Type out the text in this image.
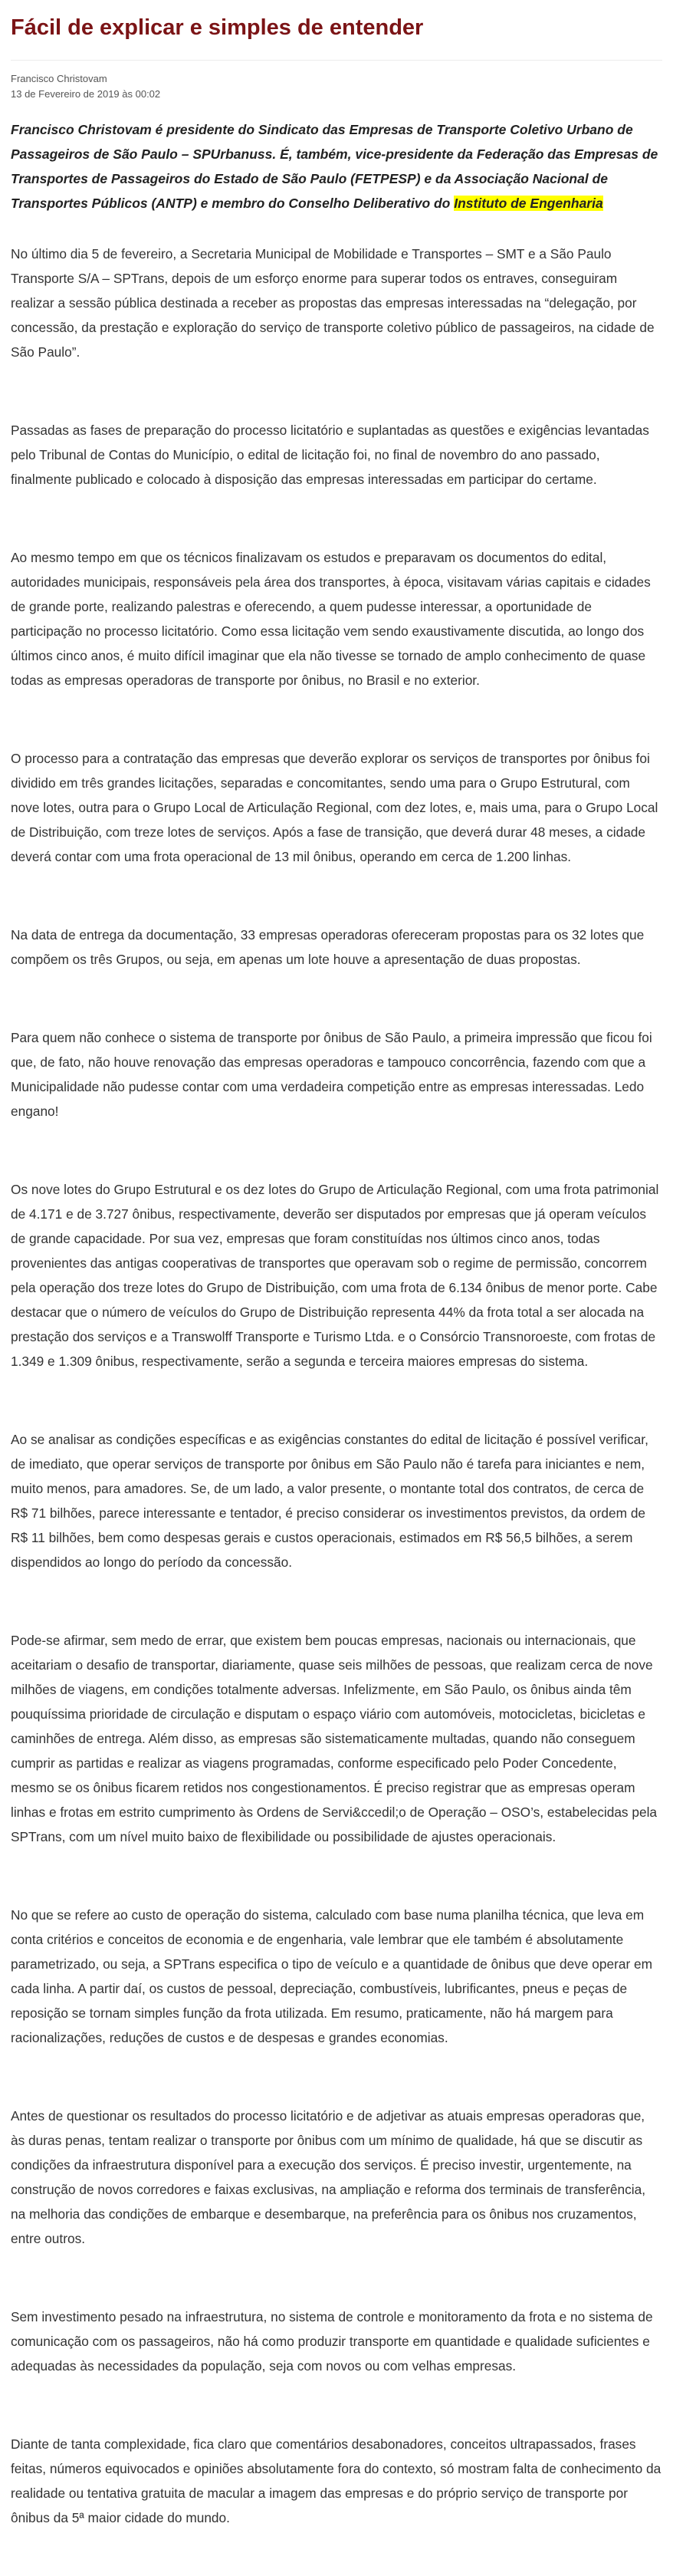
Fácil de explicar e simples de entender
Francisco Christovam
13 de Fevereiro de 2019 às 00:02

Francisco Christovam é presidente do Sindicato das Empresas de Transporte Coletivo Urbano de Passageiros de São Paulo – SPUrbanuss. É, também, vice-presidente da Federação das Empresas de Transportes de Passageiros do Estado de São Paulo (FETPESP) e da Associação Nacional de Transportes Públicos (ANTP) e membro do Conselho Deliberativo do Instituto de Engenharia

No último dia 5 de fevereiro, a Secretaria Municipal de Mobilidade e Transportes – SMT e a São Paulo Transporte S/A – SPTrans, depois de um esforço enorme para superar todos os entraves, conseguiram realizar a sessão pública destinada a receber as propostas das empresas interessadas na “delegação, por concessão, da prestação e exploração do serviço de transporte coletivo público de passageiros, na cidade de São Paulo”.

Passadas as fases de preparação do processo licitatório e suplantadas as questões e exigências levantadas pelo Tribunal de Contas do Município, o edital de licitação foi, no final de novembro do ano passado, finalmente publicado e colocado à disposição das empresas interessadas em participar do certame.

Ao mesmo tempo em que os técnicos finalizavam os estudos e preparavam os documentos do edital, autoridades municipais, responsáveis pela área dos transportes, à época, visitavam várias capitais e cidades de grande porte, realizando palestras e oferecendo, a quem pudesse interessar, a oportunidade de participação no processo licitatório. Como essa licitação vem sendo exaustivamente discutida, ao longo dos últimos cinco anos, é muito difícil imaginar que ela não tivesse se tornado de amplo conhecimento de quase todas as empresas operadoras de transporte por ônibus, no Brasil e no exterior.

O processo para a contratação das empresas que deverão explorar os serviços de transportes por ônibus foi dividido em três grandes licitações, separadas e concomitantes, sendo uma para o Grupo Estrutural, com nove lotes, outra para o Grupo Local de Articulação Regional, com dez lotes, e, mais uma, para o Grupo Local de Distribuição, com treze lotes de serviços. Após a fase de transição, que deverá durar 48 meses, a cidade deverá contar com uma frota operacional de 13 mil ônibus, operando em cerca de 1.200 linhas.

Na data de entrega da documentação, 33 empresas operadoras ofereceram propostas para os 32 lotes que compõem os três Grupos, ou seja, em apenas um lote houve a apresentação de duas propostas.

Para quem não conhece o sistema de transporte por ônibus de São Paulo, a primeira impressão que ficou foi que, de fato, não houve renovação das empresas operadoras e tampouco concorrência, fazendo com que a Municipalidade não pudesse contar com uma verdadeira competição entre as empresas interessadas. Ledo engano!

Os nove lotes do Grupo Estrutural e os dez lotes do Grupo de Articulação Regional, com uma frota patrimonial de 4.171 e de 3.727 ônibus, respectivamente, deverão ser disputados por empresas que já operam veículos de grande capacidade. Por sua vez, empresas que foram constituídas nos últimos cinco anos, todas provenientes das antigas cooperativas de transportes que operavam sob o regime de permissão, concorrem pela operação dos treze lotes do Grupo de Distribuição, com uma frota de 6.134 ônibus de menor porte. Cabe destacar que o número de veículos do Grupo de Distribuição representa 44% da frota total a ser alocada na prestação dos serviços e a Transwolff Transporte e Turismo Ltda. e o Consórcio Transnoroeste, com frotas de 1.349 e 1.309 ônibus, respectivamente, serão a segunda e terceira maiores empresas do sistema.

Ao se analisar as condições específicas e as exigências constantes do edital de licitação é possível verificar, de imediato, que operar serviços de transporte por ônibus em São Paulo não é tarefa para iniciantes e nem, muito menos, para amadores. Se, de um lado, a valor presente, o montante total dos contratos, de cerca de R$ 71 bilhões, parece interessante e tentador, é preciso considerar os investimentos previstos, da ordem de R$ 11 bilhões, bem como despesas gerais e custos operacionais, estimados em R$ 56,5 bilhões, a serem dispendidos ao longo do período da concessão.

Pode-se afirmar, sem medo de errar, que existem bem poucas empresas, nacionais ou internacionais, que aceitariam o desafio de transportar, diariamente, quase seis milhões de pessoas, que realizam cerca de nove milhões de viagens, em condições totalmente adversas. Infelizmente, em São Paulo, os ônibus ainda têm pouquíssima prioridade de circulação e disputam o espaço viário com automóveis, motocicletas, bicicletas e caminhões de entrega. Além disso, as empresas são sistematicamente multadas, quando não conseguem cumprir as partidas e realizar as viagens programadas, conforme especificado pelo Poder Concedente, mesmo se os ônibus ficarem retidos nos congestionamentos. É preciso registrar que as empresas operam linhas e frotas em estrito cumprimento às Ordens de Servi&ccedil;o de Operação – OSO’s, estabelecidas pela SPTrans, com um nível muito baixo de flexibilidade ou possibilidade de ajustes operacionais.

No que se refere ao custo de operação do sistema, calculado com base numa planilha técnica, que leva em conta critérios e conceitos de economia e de engenharia, vale lembrar que ele também é absolutamente parametrizado, ou seja, a SPTrans especifica o tipo de veículo e a quantidade de ônibus que deve operar em cada linha. A partir daí, os custos de pessoal, depreciação, combustíveis, lubrificantes, pneus e peças de reposição se tornam simples função da frota utilizada. Em resumo, praticamente, não há margem para racionalizações, reduções de custos e de despesas e grandes economias.

Antes de questionar os resultados do processo licitatório e de adjetivar as atuais empresas operadoras que, às duras penas, tentam realizar o transporte por ônibus com um mínimo de qualidade, há que se discutir as condições da infraestrutura disponível para a execução dos serviços. É preciso investir, urgentemente, na construção de novos corredores e faixas exclusivas, na ampliação e reforma dos terminais de transferência, na melhoria das condições de embarque e desembarque, na preferência para os ônibus nos cruzamentos, entre outros.

Sem investimento pesado na infraestrutura, no sistema de controle e monitoramento da frota e no sistema de comunicação com os passageiros, não há como produzir transporte em quantidade e qualidade suficientes e adequadas às necessidades da população, seja com novos ou com velhas empresas.

Diante de tanta complexidade, fica claro que comentários desabonadores, conceitos ultrapassados, frases feitas, números equivocados e opiniões absolutamente fora do contexto, só mostram falta de conhecimento da realidade ou tentativa gratuita de macular a imagem das empresas e do próprio serviço de transporte por ônibus da 5ª maior cidade do mundo.
